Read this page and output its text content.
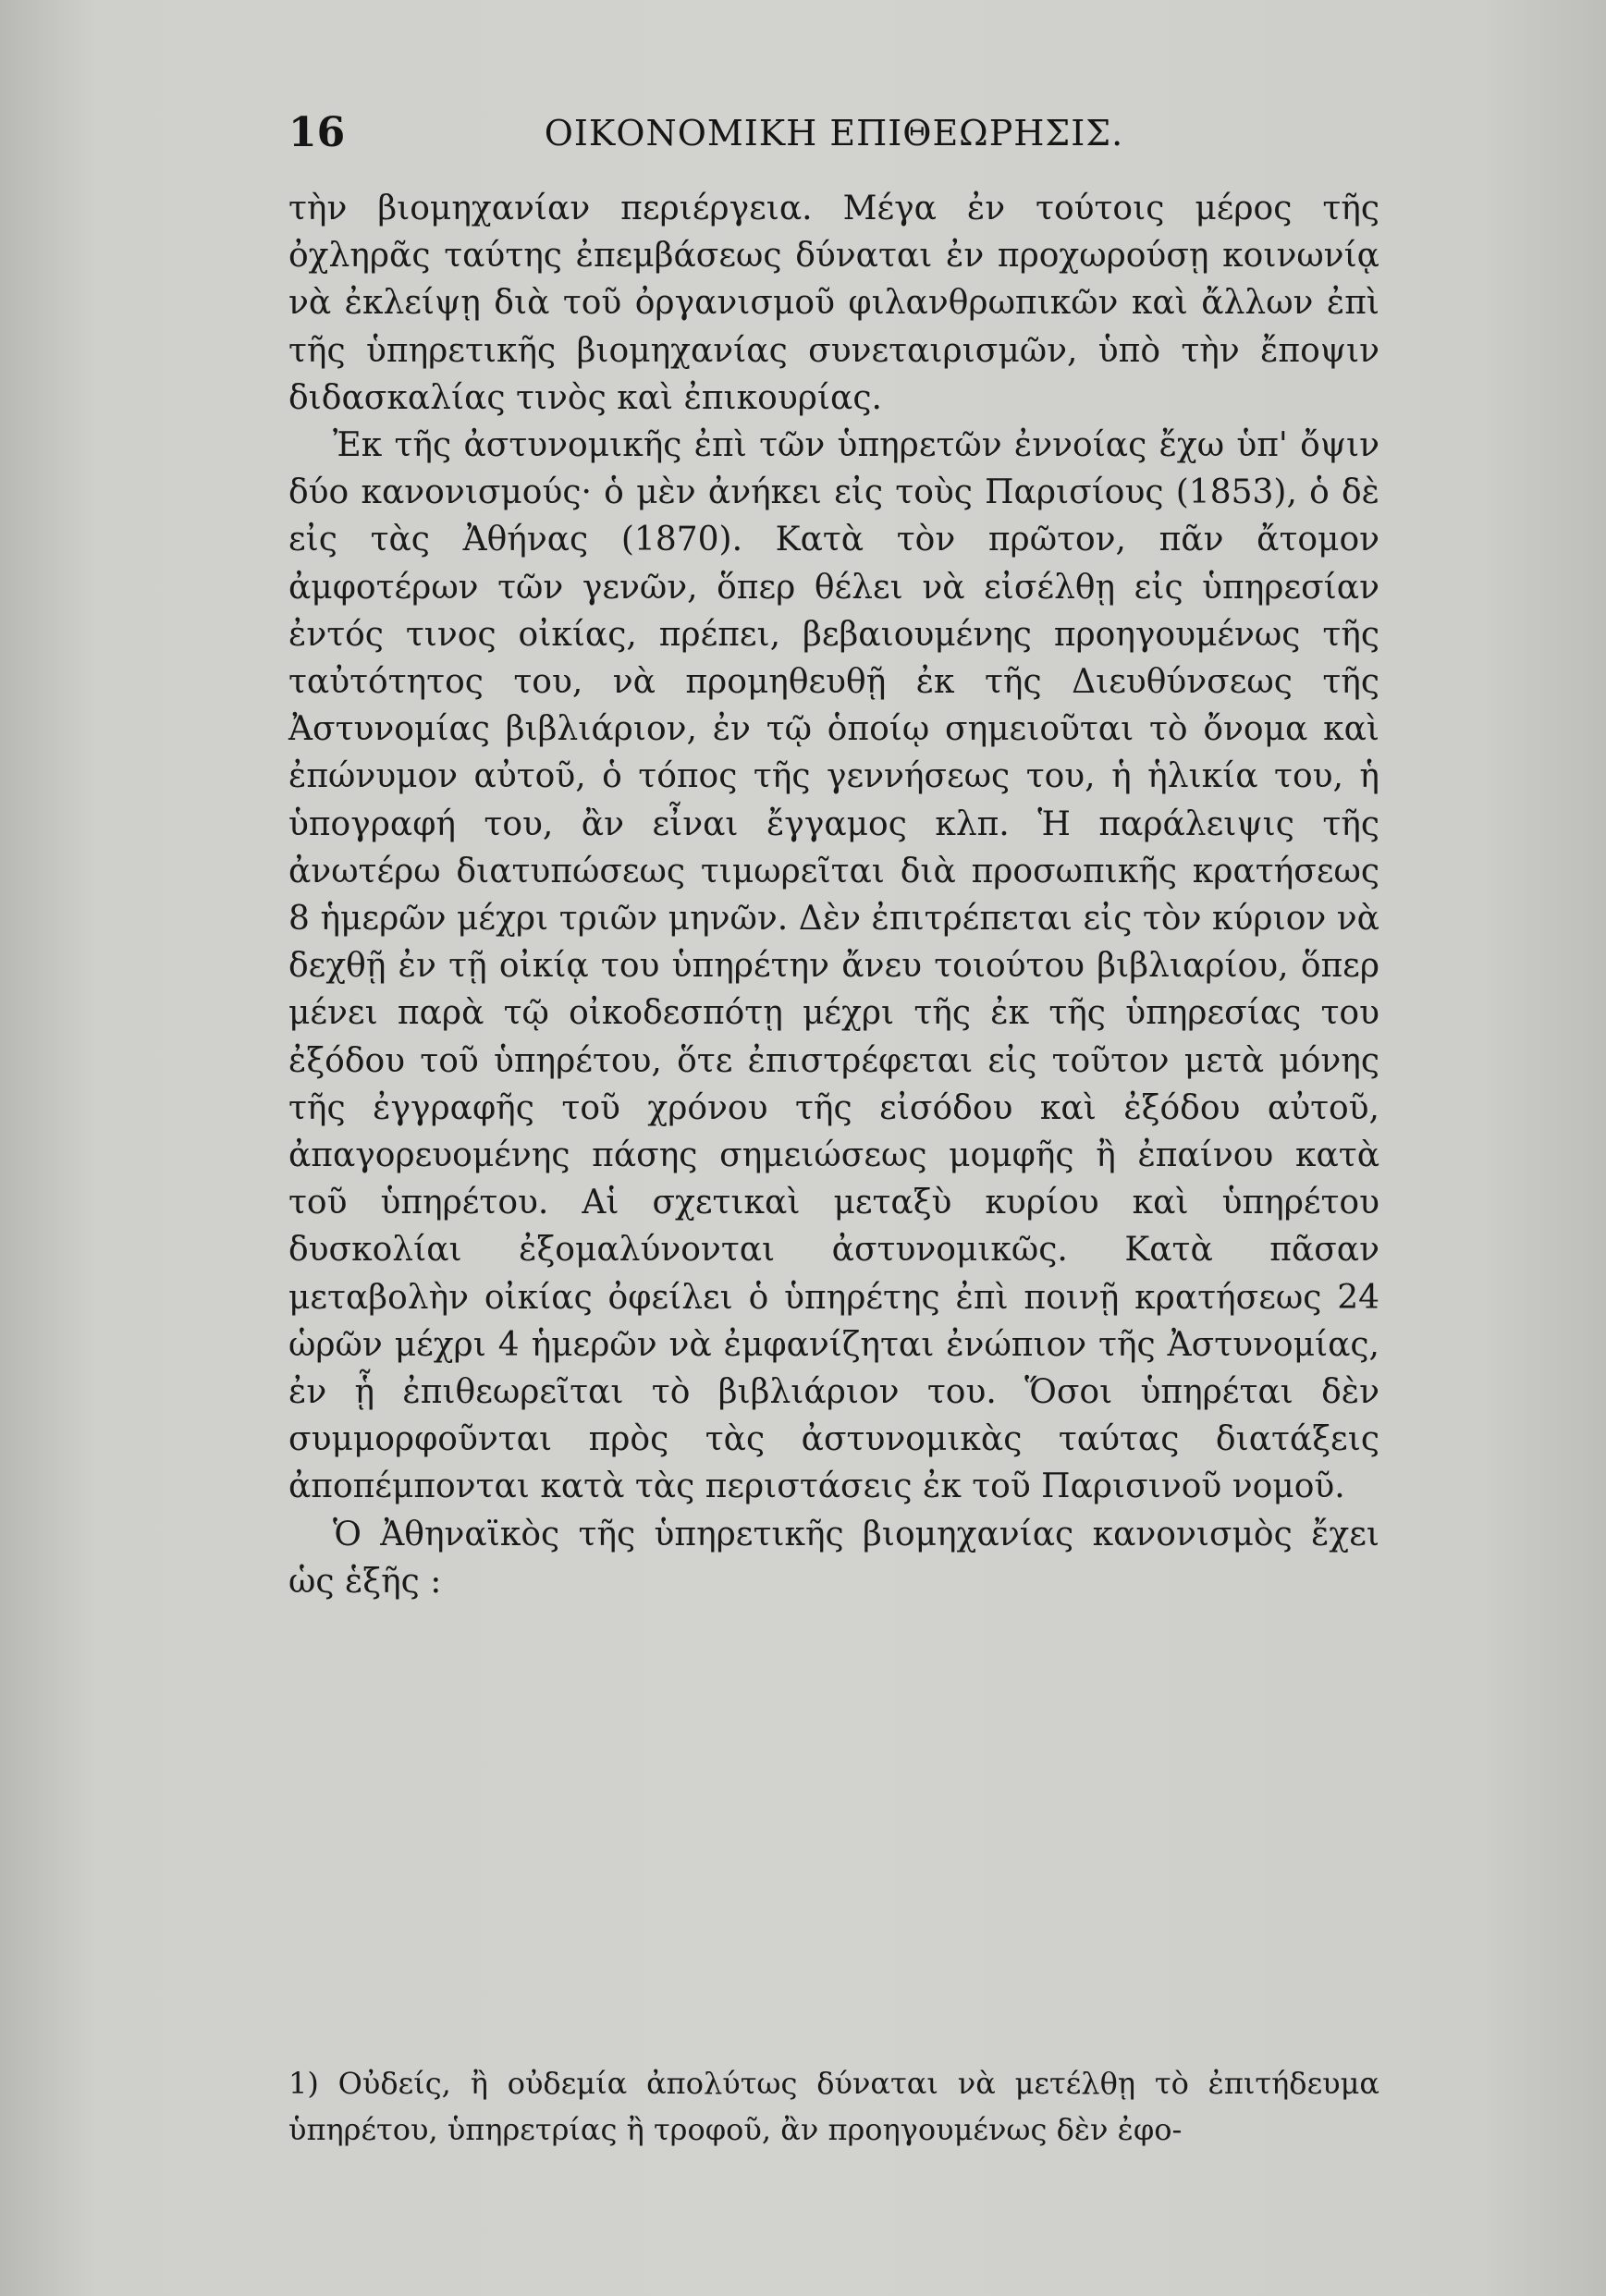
16	ΟΙΚΟΝΟΜΙΚΗ ΕΠΙΘΕΩΡΗΣΙΣ.

τὴν βιομηχανίαν περιέργεια. Μέγα ἐν τούτοις μέρος τῆς ὀχληρᾶς ταύτης ἐπεμβάσεως δύναται ἐν προχωρούσῃ κοινωνίᾳ νὰ ἐκλείψῃ διὰ τοῦ ὀργανισμοῦ φιλανθρωπικῶν καὶ ἄλλων ἐπὶ τῆς ὑπηρετικῆς βιομηχανίας συνεταιρισμῶν, ὑπὸ τὴν ἔποψιν διδασκαλίας τινὸς καὶ ἐπικουρίας.

Ἐκ τῆς ἀστυνομικῆς ἐπὶ τῶν ὑπηρετῶν ἐννοίας ἔχω ὑπ' ὄψιν δύο κανονισμούς· ὁ μὲν ἀνήκει εἰς τοὺς Παρισίους (1853), ὁ δὲ εἰς τὰς Ἀθήνας (1870). Κατὰ τὸν πρῶτον, πᾶν ἄτομον ἀμφοτέρων τῶν γενῶν, ὅπερ θέλει νὰ εἰσέλθῃ εἰς ὑπηρεσίαν ἐντός τινος οἰκίας, πρέπει, βεβαιουμένης προηγουμένως τῆς ταὐτότητος του, νὰ προμηθευθῇ ἐκ τῆς Διευθύνσεως τῆς Ἀστυνομίας βιβλιάριον, ἐν τῷ ὁποίῳ σημειοῦται τὸ ὄνομα καὶ ἐπώνυμον αὐτοῦ, ὁ τόπος τῆς γεννήσεως του, ἡ ἡλικία του, ἡ ὑπογραφή του, ἂν εἶναι ἔγγαμος κλπ. Ἡ παράλειψις τῆς ἀνωτέρω διατυπώσεως τιμωρεῖται διὰ προσωπικῆς κρατήσεως 8 ἡμερῶν μέχρι τριῶν μηνῶν. Δὲν ἐπιτρέπεται εἰς τὸν κύριον νὰ δεχθῇ ἐν τῇ οἰκίᾳ του ὑπηρέτην ἄνευ τοιούτου βιβλιαρίου, ὅπερ μένει παρὰ τῷ οἰκοδεσπότῃ μέχρι τῆς ἐκ τῆς ὑπηρεσίας του ἐξόδου τοῦ ὑπηρέτου, ὅτε ἐπιστρέφεται εἰς τοῦτον μετὰ μόνης τῆς ἐγγραφῆς τοῦ χρόνου τῆς εἰσόδου καὶ ἐξόδου αὐτοῦ, ἀπαγορευομένης πάσης σημειώσεως μομφῆς ἢ ἐπαίνου κατὰ τοῦ ὑπηρέτου. Αἱ σχετικαὶ μεταξὺ κυρίου καὶ ὑπηρέτου δυσκολίαι ἐξομαλύνονται ἀστυνομικῶς. Κατὰ πᾶσαν μεταβολὴν οἰκίας ὀφείλει ὁ ὑπηρέτης ἐπὶ ποινῇ κρατήσεως 24 ὡρῶν μέχρι 4 ἡμερῶν νὰ ἐμφανίζηται ἐνώπιον τῆς Ἀστυνομίας, ἐν ᾗ ἐπιθεωρεῖται τὸ βιβλιάριον του. Ὅσοι ὑπηρέται δὲν συμμορφοῦνται πρὸς τὰς ἀστυνομικὰς ταύτας διατάξεις ἀποπέμπονται κατὰ τὰς περιστάσεις ἐκ τοῦ Παρισινοῦ νομοῦ.

Ὁ Ἀθηναϊκὸς τῆς ὑπηρετικῆς βιομηχανίας κανονισμὸς ἔχει ὡς ἑξῆς :

1) Οὐδείς, ἢ οὐδεμία ἀπολύτως δύναται νὰ μετέλθῃ τὸ ἐπιτήδευμα ὑπηρέτου, ὑπηρετρίας ἢ τροφοῦ, ἂν προηγουμένως δὲν ἐφο-
